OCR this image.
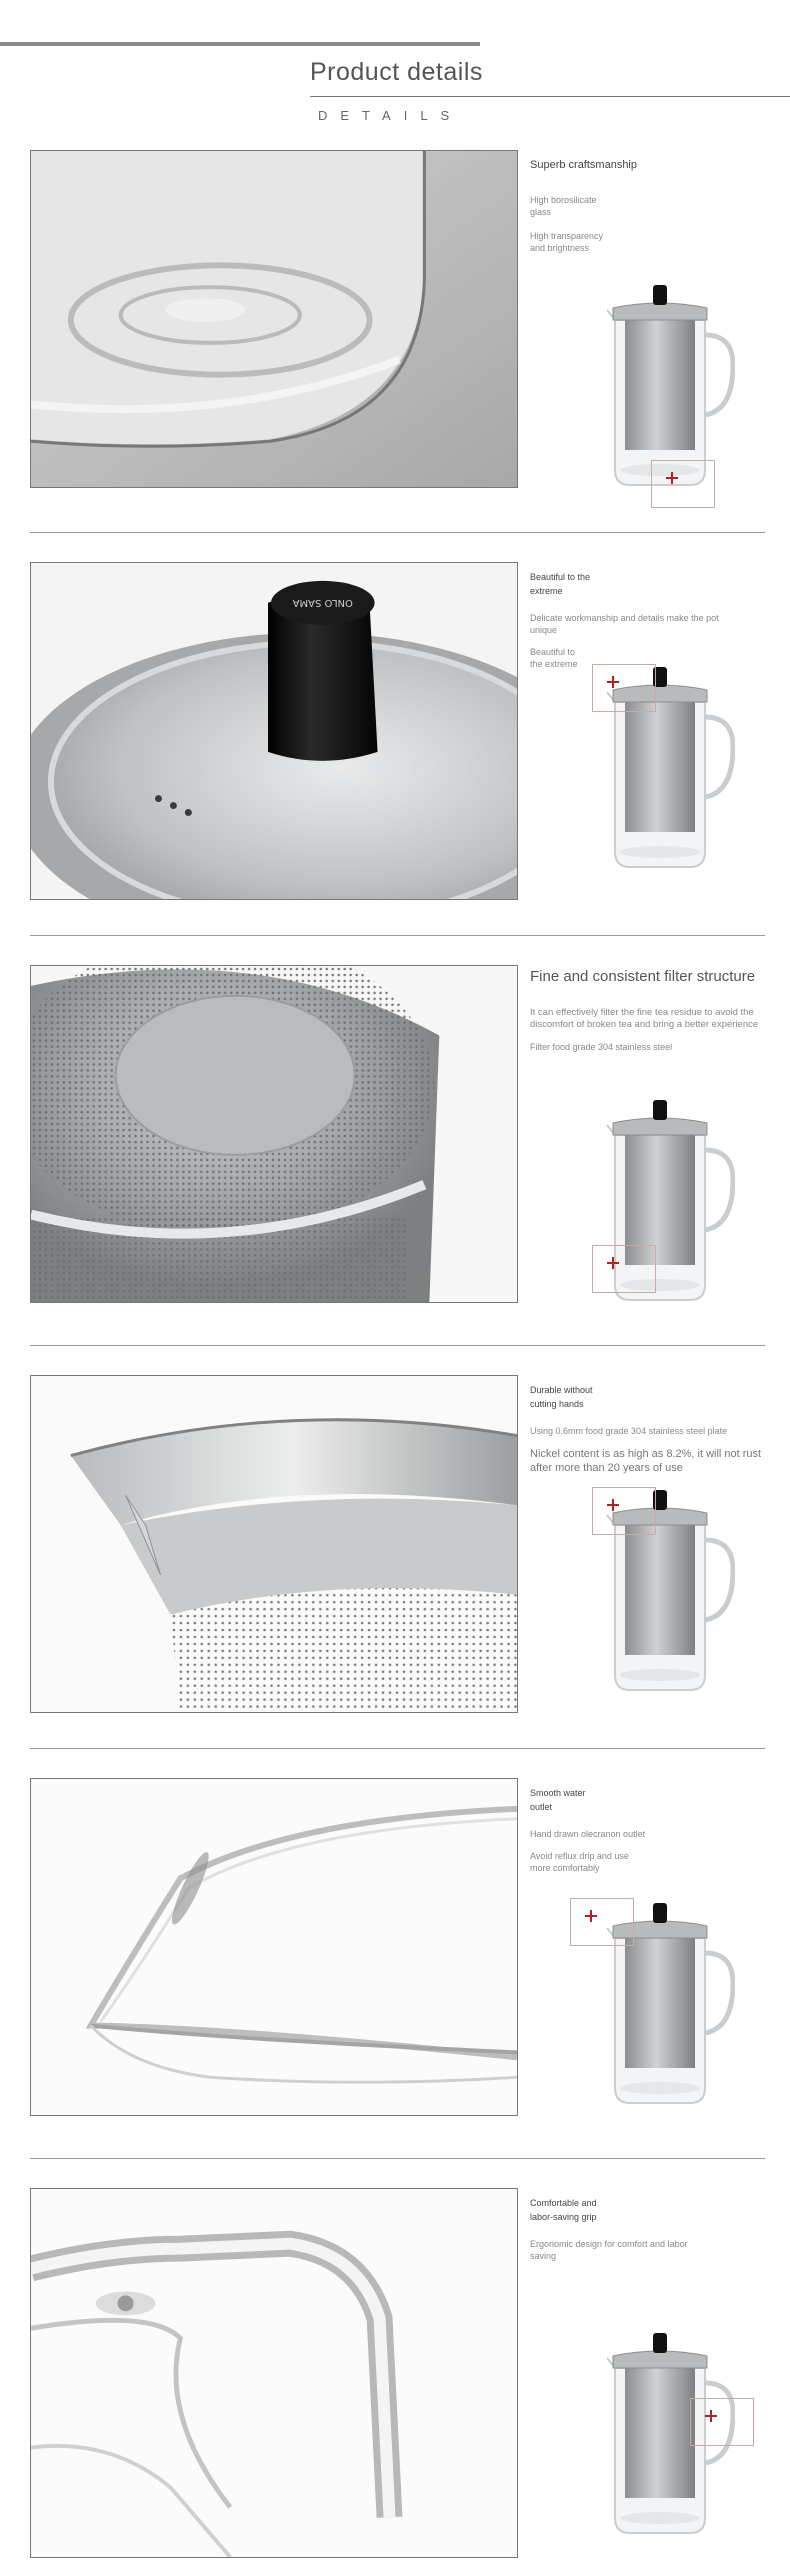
Product details
DETAILS
Superb craftsmanship
High borosilicate glass
High transparency and brightness
ONLO SAMA
Beautiful to the extreme
Delicate workmanship and details make the pot unique
Beautiful to the extreme
Fine and consistent filter structure
It can effectively filter the fine tea residue to avoid the discomfort of broken tea and bring a better experience
Filter food grade 304 stainless steel
Durable without cutting hands
Using 0.6mm food grade 304 stainless steel plate
Nickel content is as high as 8.2%, it will not rust after more than 20 years of use
Smooth water outlet
Hand drawn olecranon outlet
Avoid reflux drip and use more comfortably
Comfortable and labor-saving grip
Ergonomic design for comfort and labor saving
